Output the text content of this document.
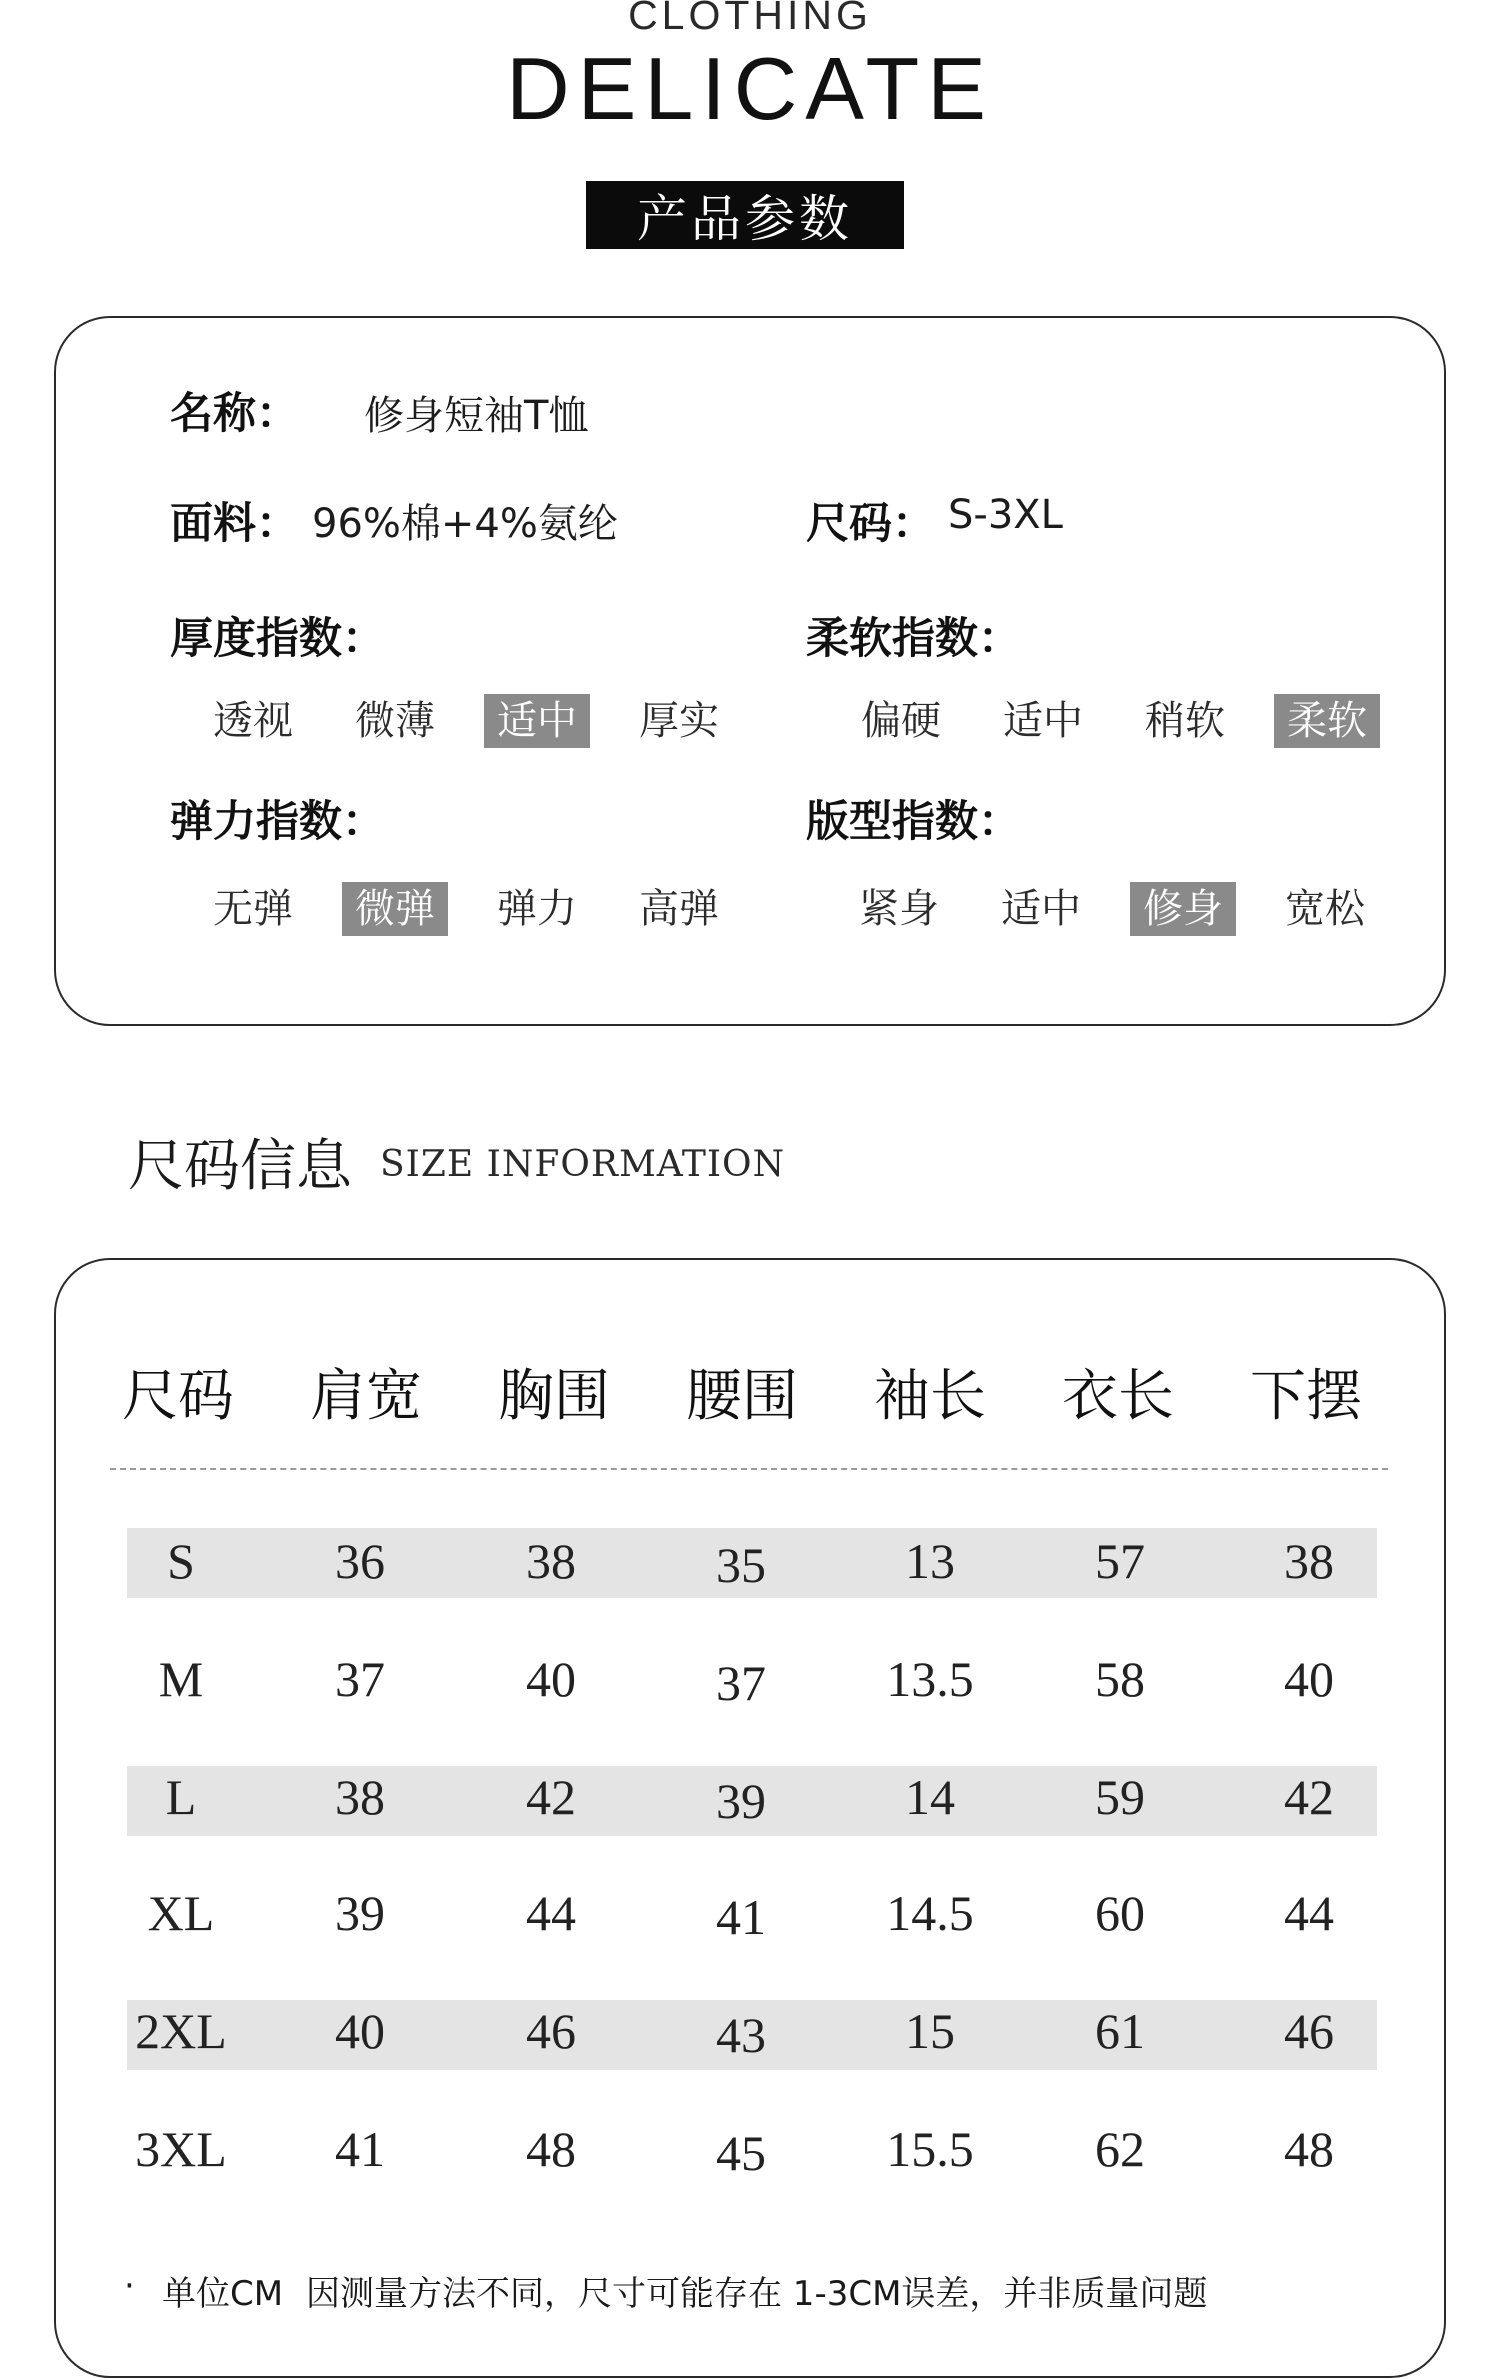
CLOTHING
DELICATE
产品参数
名称： 修身短袖T恤
面料： 96%棉+4%氨纶	尺码： S-3XL
厚度指数：
透视	微薄	适中	厚实
柔软指数：
偏硬	适中	稍软	柔软
弹力指数：
无弹	微弹	弹力	高弹
版型指数：
紧身	适中	修身	宽松
尺码信息 SIZE INFORMATION
尺码	肩宽	胸围	腰围	袖长	衣长	下摆
S	36	38	35	13	57	38
M	37	40	37	13.5	58	40
L	38	42	39	14	59	42
XL	39	44	41	14.5	60	44
2XL	40	46	43	15	61	46
3XL	41	48	45	15.5	62	48
· 单位CM 因测量方法不同，尺寸可能存在 1-3CM误差，并非质量问题
